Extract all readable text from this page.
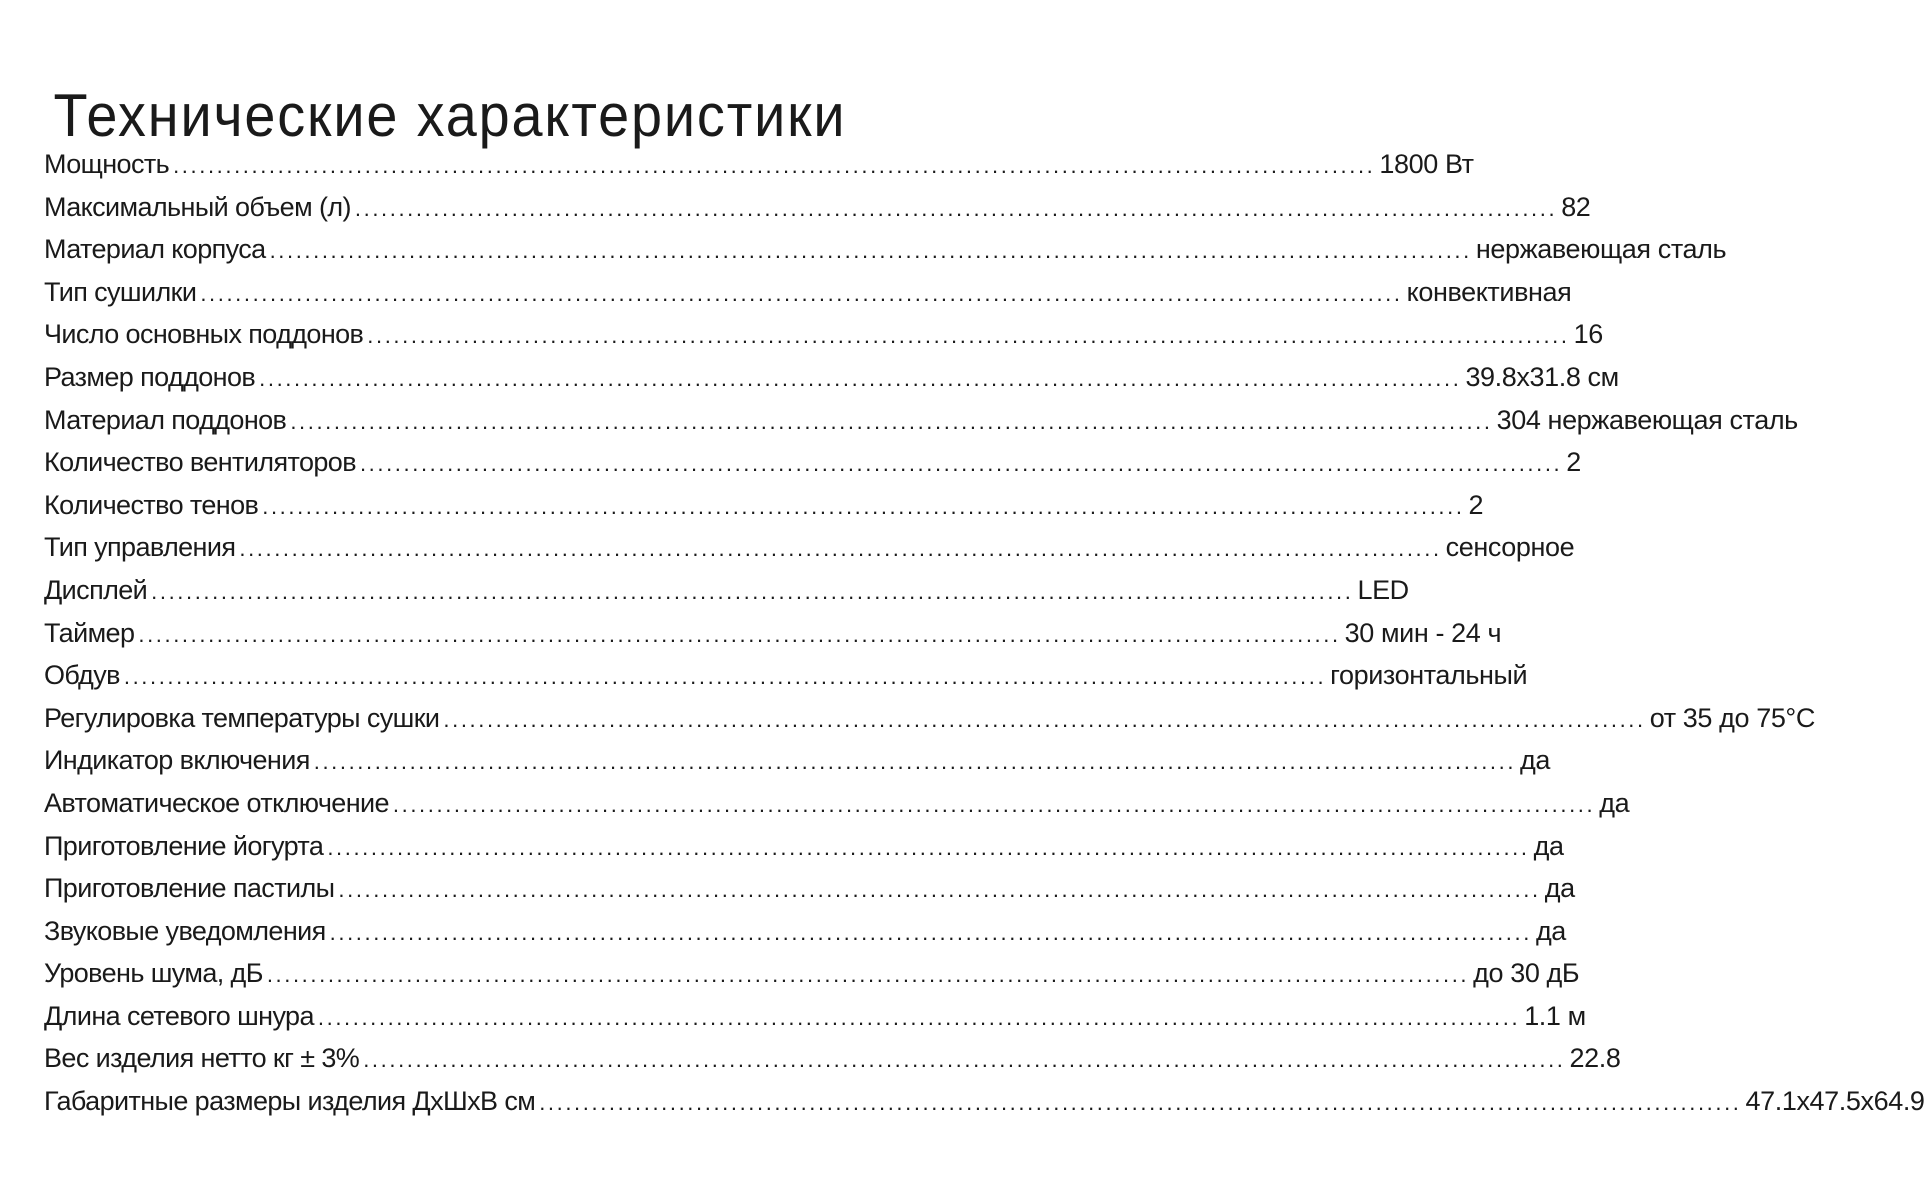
Технические характеристики
Мощность .......................................................................................................................................... 1800 Вт
Максимальный объем (л) .......................................................................................................................................... 82
Материал корпуса .......................................................................................................................................... нержавеющая сталь
Тип сушилки .......................................................................................................................................... конвективная
Число основных поддонов .......................................................................................................................................... 16
Размер поддонов .......................................................................................................................................... 39.8x31.8 см
Материал поддонов .......................................................................................................................................... 304 нержавеющая сталь
Количество вентиляторов .......................................................................................................................................... 2
Количество тенов .......................................................................................................................................... 2
Тип управления .......................................................................................................................................... сенсорное
Дисплей .......................................................................................................................................... LED
Таймер .......................................................................................................................................... 30 мин - 24 ч
Обдув .......................................................................................................................................... горизонтальный
Регулировка температуры сушки .......................................................................................................................................... от 35 до 75°С
Индикатор включения .......................................................................................................................................... да
Автоматическое отключение .......................................................................................................................................... да
Приготовление йогурта .......................................................................................................................................... да
Приготовление пастилы .......................................................................................................................................... да
Звуковые уведомления .......................................................................................................................................... да
Уровень шума, дБ .......................................................................................................................................... до 30 дБ
Длина сетевого шнура .......................................................................................................................................... 1.1 м
Вес изделия нетто кг ± 3% .......................................................................................................................................... 22.8
Габаритные размеры изделия ДxШxВ см .......................................................................................................................................... 47.1x47.5x64.9
